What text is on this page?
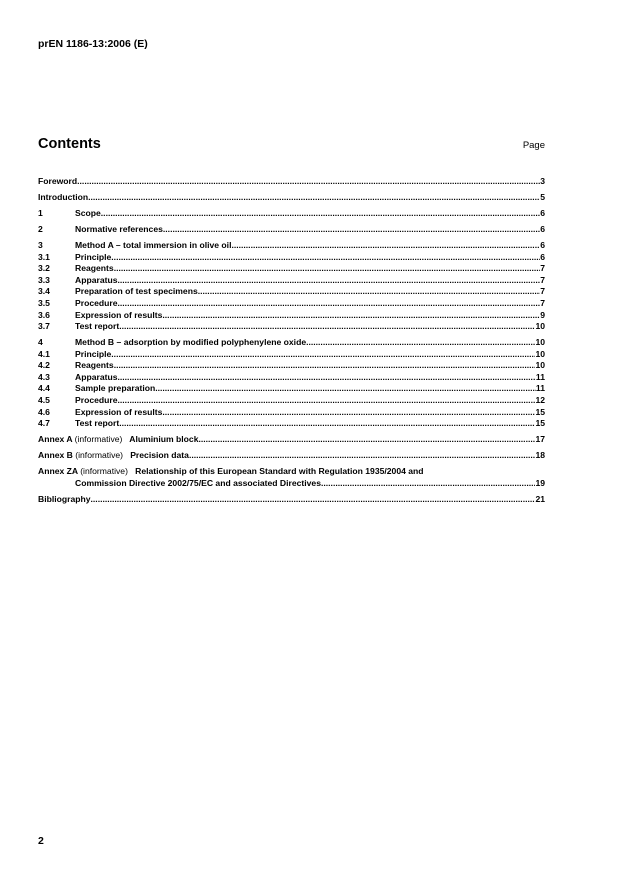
prEN 1186-13:2006 (E)
Contents	Page
Foreword .....	3
Introduction .....	5
1	Scope .....	6
2	Normative references .....	6
3	Method A – total immersion in olive oil .....	6
3.1	Principle .....	6
3.2	Reagents .....	7
3.3	Apparatus .....	7
3.4	Preparation of test specimens .....	7
3.5	Procedure .....	7
3.6	Expression of results .....	9
3.7	Test report .....	10
4	Method B – adsorption by modified polyphenylene oxide .....	10
4.1	Principle .....	10
4.2	Reagents .....	10
4.3	Apparatus .....	11
4.4	Sample preparation .....	11
4.5	Procedure .....	12
4.6	Expression of results .....	15
4.7	Test report .....	15
Annex A (informative) Aluminium block .....	17
Annex B (informative) Precision data .....	18
Annex ZA (informative) Relationship of this European Standard with Regulation 1935/2004 and
Commission Directive 2002/75/EC and associated Directives .....	19
Bibliography .....	21
2
